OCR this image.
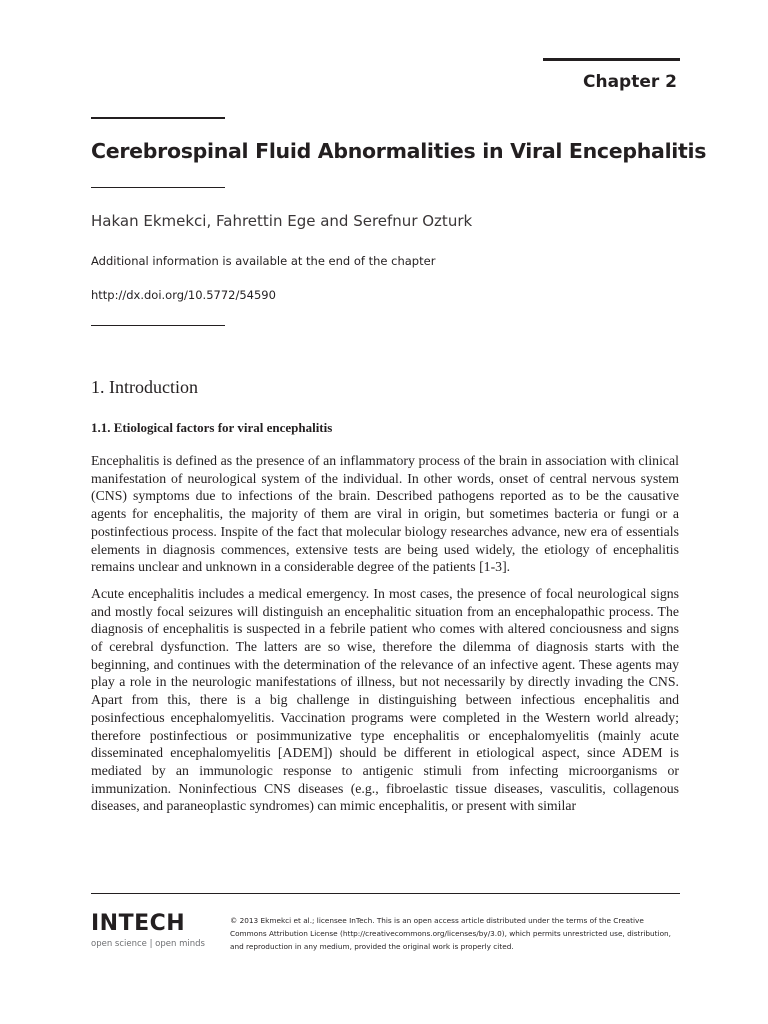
Chapter 2
Cerebrospinal Fluid Abnormalities in Viral Encephalitis
Hakan Ekmekci, Fahrettin Ege and Serefnur Ozturk
Additional information is available at the end of the chapter
http://dx.doi.org/10.5772/54590
1. Introduction
1.1. Etiological factors for viral encephalitis

Encephalitis is defined as the presence of an inflammatory process of the brain in association with clinical manifestation of neurological system of the individual. In other words, onset of central nervous system (CNS) symptoms due to infections of the brain. Described pathogens reported as to be the causative agents for encephalitis, the majority of them are viral in origin, but sometimes bacteria or fungi or a postinfectious process. Inspite of the fact that molecular biology researches advance, new era of essentials elements in diagnosis commences, extensive tests are being used widely, the etiology of encephalitis remains unclear and unknown in a considerable degree of the patients [1-3].

Acute encephalitis includes a medical emergency. In most cases, the presence of focal neurological signs and mostly focal seizures will distinguish an encephalitic situation from an encephalopathic process. The diagnosis of encephalitis is suspected in a febrile patient who comes with altered conciousness and signs of cerebral dysfunction. The latters are so wise, therefore the dilemma of diagnosis starts with the beginning, and continues with the determination of the relevance of an infective agent. These agents may play a role in the neurologic manifestations of illness, but not necessarily by directly invading the CNS. Apart from this, there is a big challenge in distinguishing between infectious encephalitis and posinfectious encephalomyelitis. Vaccination programs were completed in the Western world already; therefore postinfectious or posimmunizative type encephalitis or encephalomyelitis (mainly acute disseminated encephalomyelitis [ADEM]) should be different in etiological aspect, since ADEM is mediated by an immunologic response to antigenic stimuli from infecting microorganisms or immunization. Noninfectious CNS diseases (e.g., fibroelastic tissue diseases, vasculitis, collagenous diseases, and paraneoplastic syndromes) can mimic encephalitis, or present with similar

INTECH
open science | open minds
© 2013 Ekmekci et al.; licensee InTech. This is an open access article distributed under the terms of the Creative Commons Attribution License (http://creativecommons.org/licenses/by/3.0), which permits unrestricted use, distribution, and reproduction in any medium, provided the original work is properly cited.
